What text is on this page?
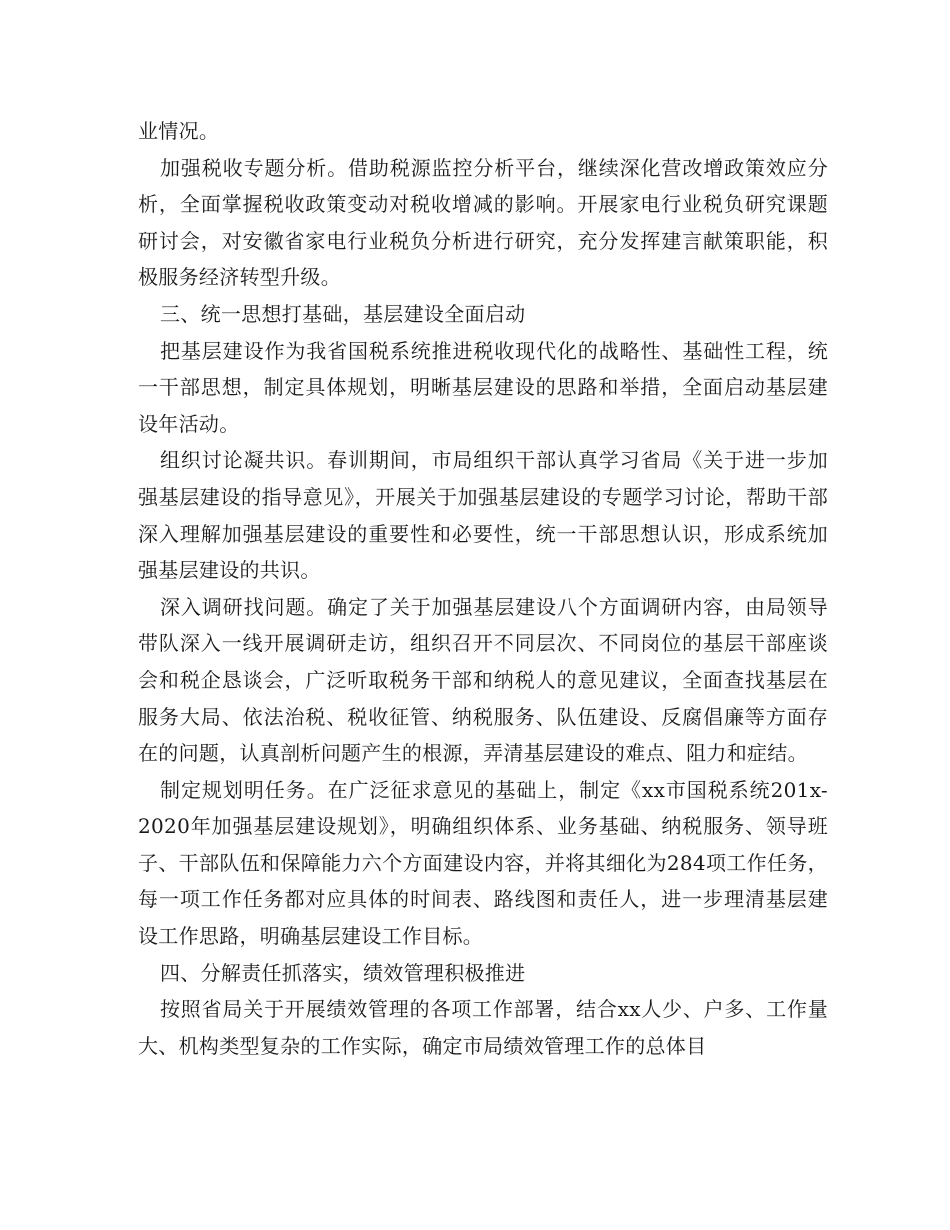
业情况。

加强税收专题分析。借助税源监控分析平台，继续深化营改增政策效应分析，全面掌握税收政策变动对税收增减的影响。开展家电行业税负研究课题研讨会，对安徽省家电行业税负分析进行研究，充分发挥建言献策职能，积极服务经济转型升级。

三、统一思想打基础，基层建设全面启动

把基层建设作为我省国税系统推进税收现代化的战略性、基础性工程，统一干部思想，制定具体规划，明晰基层建设的思路和举措，全面启动基层建设年活动。

组织讨论凝共识。春训期间，市局组织干部认真学习省局《关于进一步加强基层建设的指导意见》，开展关于加强基层建设的专题学习讨论，帮助干部深入理解加强基层建设的重要性和必要性，统一干部思想认识，形成系统加强基层建设的共识。

深入调研找问题。确定了关于加强基层建设八个方面调研内容，由局领导带队深入一线开展调研走访，组织召开不同层次、不同岗位的基层干部座谈会和税企恳谈会，广泛听取税务干部和纳税人的意见建议，全面查找基层在服务大局、依法治税、税收征管、纳税服务、队伍建设、反腐倡廉等方面存在的问题，认真剖析问题产生的根源，弄清基层建设的难点、阻力和症结。

制定规划明任务。在广泛征求意见的基础上，制定《xx市国税系统201x-2020年加强基层建设规划》，明确组织体系、业务基础、纳税服务、领导班子、干部队伍和保障能力六个方面建设内容，并将其细化为284项工作任务，每一项工作任务都对应具体的时间表、路线图和责任人，进一步理清基层建设工作思路，明确基层建设工作目标。

四、分解责任抓落实，绩效管理积极推进

按照省局关于开展绩效管理的各项工作部署，结合xx人少、户多、工作量大、机构类型复杂的工作实际，确定市局绩效管理工作的总体目
